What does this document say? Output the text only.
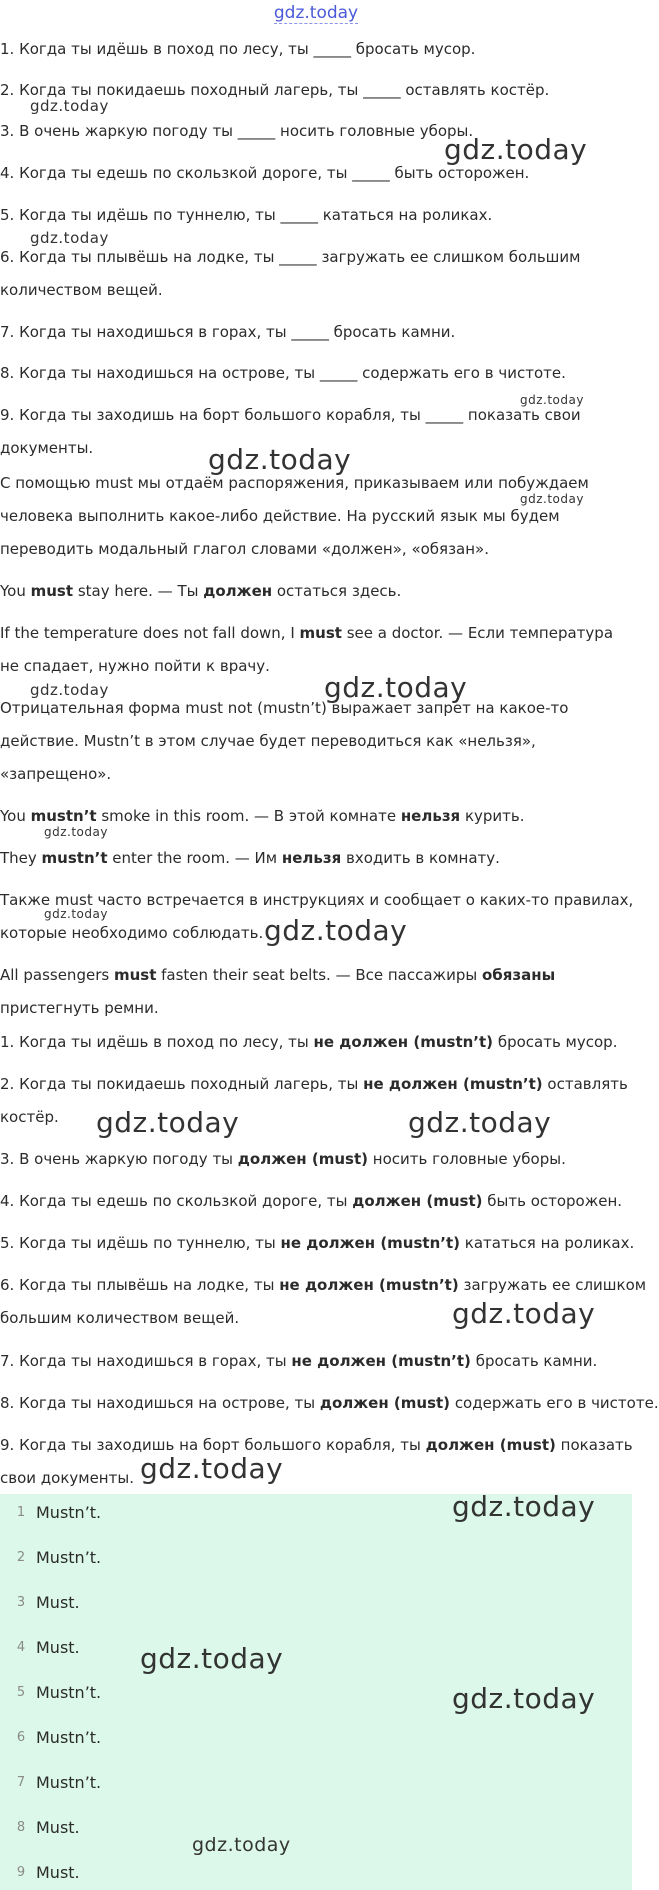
gdz.today
1. Когда ты идёшь в поход по лесу, ты _____ бросать мусор.
2. Когда ты покидаешь походный лагерь, ты _____ оставлять костёр.
3. В очень жаркую погоду ты _____ носить головные уборы.
4. Когда ты едешь по скользкой дороге, ты _____ быть осторожен.
5. Когда ты идёшь по туннелю, ты _____ кататься на роликах.
6. Когда ты плывёшь на лодке, ты _____ загружать ее слишком большим
количеством вещей.
7. Когда ты находишься в горах, ты _____ бросать камни.
8. Когда ты находишься на острове, ты _____ содержать его в чистоте.
9. Когда ты заходишь на борт большого корабля, ты _____ показать свои
документы.
С помощью must мы отдаём распоряжения, приказываем или побуждаем
человека выполнить какое-либо действие. На русский язык мы будем
переводить модальный глагол словами «должен», «обязан».
You must stay here. — Ты должен остаться здесь.
If the temperature does not fall down, I must see a doctor. — Если температура
не спадает, нужно пойти к врачу.
Отрицательная форма must not (mustn’t) выражает запрет на какое-то
действие. Mustn’t в этом случае будет переводиться как «нельзя»,
«запрещено».
You mustn’t smoke in this room. — В этой комнате нельзя курить.
They mustn’t enter the room. — Им нельзя входить в комнату.
Также must часто встречается в инструкциях и сообщает о каких-то правилах,
которые необходимо соблюдать.
All passengers must fasten their seat belts. — Все пассажиры обязаны
пристегнуть ремни.
1. Когда ты идёшь в поход по лесу, ты не должен (mustn’t) бросать мусор.
2. Когда ты покидаешь походный лагерь, ты не должен (mustn’t) оставлять
костёр.
3. В очень жаркую погоду ты должен (must) носить головные уборы.
4. Когда ты едешь по скользкой дороге, ты должен (must) быть осторожен.
5. Когда ты идёшь по туннелю, ты не должен (mustn’t) кататься на роликах.
6. Когда ты плывёшь на лодке, ты не должен (mustn’t) загружать ее слишком
большим количеством вещей.
7. Когда ты находишься в горах, ты не должен (mustn’t) бросать камни.
8. Когда ты находишься на острове, ты должен (must) содержать его в чистоте.
9. Когда ты заходишь на борт большого корабля, ты должен (must) показать
свои документы.
1 Mustn’t.
2 Mustn’t.
3 Must.
4 Must.
5 Mustn’t.
6 Mustn’t.
7 Mustn’t.
8 Must.
9 Must.
gdz.today
gdz.today
gdz.today
gdz.today
gdz.today
gdz.today
gdz.today	gdz.today
gdz.today
gdz.today	gdz.today
gdz.today	gdz.today
gdz.today
gdz.today
gdz.today
gdz.today
gdz.today
gdz.today
